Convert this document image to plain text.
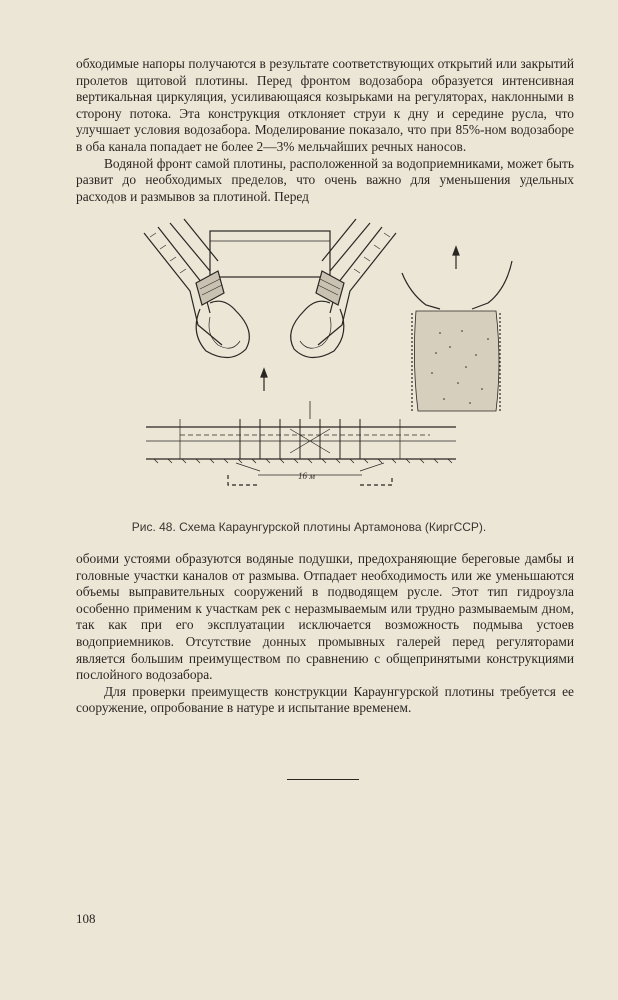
обходимые напоры получаются в результате соответствующих открытий или закрытий пролетов щитовой плотины. Перед фронтом водозабора образуется интенсивная вертикальная циркуляция, усиливающаяся козырьками на регуляторах, наклонными в сторону потока. Эта конструкция отклоняет струи к дну и середине русла, что улучшает условия водозабора. Моделирование показало, что при 85%-ном водозаборе в оба канала попадает не более 2—3% мельчайших речных наносов.

Водяной фронт самой плотины, расположенной за водоприемниками, может быть развит до необходимых пределов, что очень важно для уменьшения удельных расходов и размывов за плотиной. Перед

16 м
Рис. 48. Схема Караунгурской плотины Артамонова (КиргССР).

обоими устоями образуются водяные подушки, предохраняющие береговые дамбы и головные участки каналов от размыва. Отпадает необходимость или же уменьшаются объемы выправительных сооружений в подводящем русле. Этот тип гидроузла особенно применим к участкам рек с неразмываемым или трудно размываемым дном, так как при его эксплуатации исключается возможность подмыва устоев водоприемников. Отсутствие донных промывных галерей перед регуляторами является большим преимуществом по сравнению с общепринятыми конструкциями послойного водозабора.

Для проверки преимуществ конструкции Караунгурской плотины требуется ее сооружение, опробование в натуре и испытание временем.

108
